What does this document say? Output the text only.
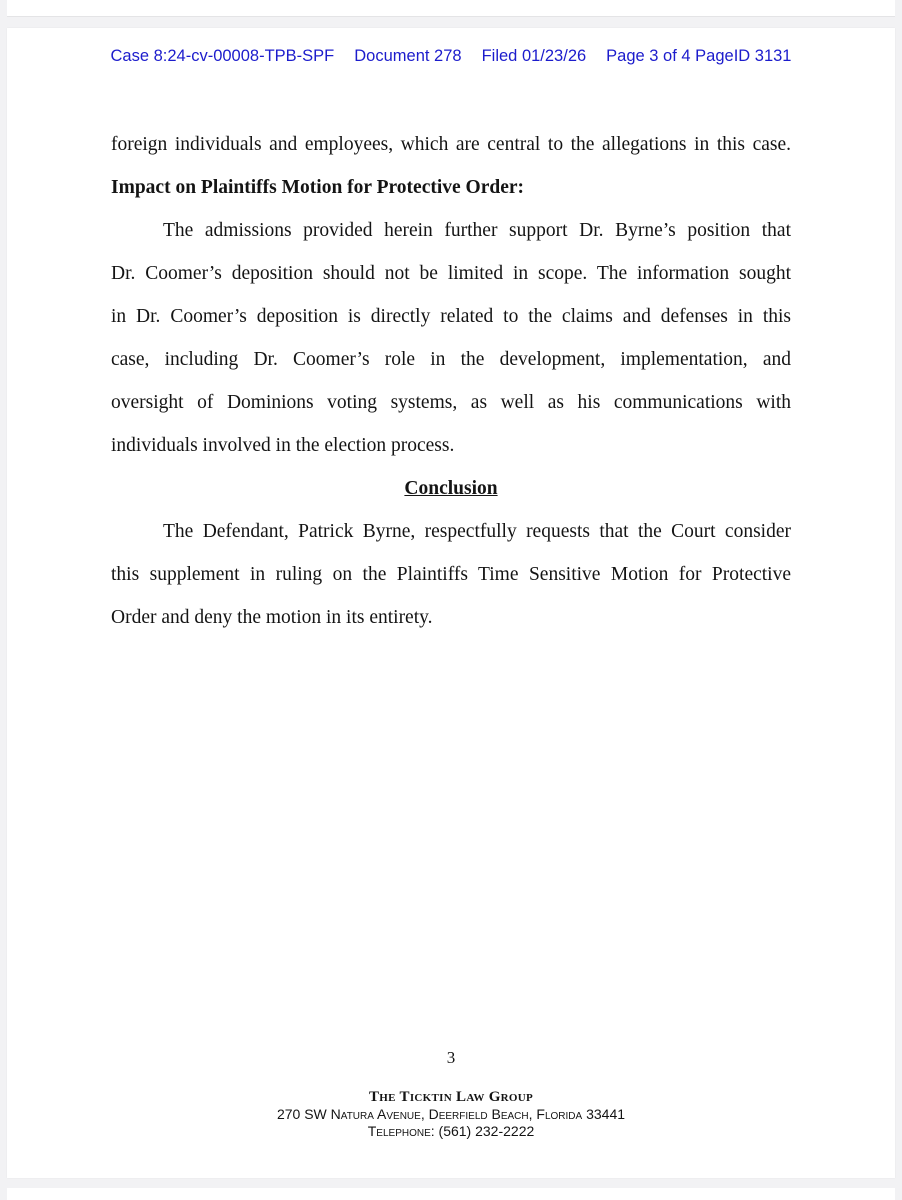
Case 8:24-cv-00008-TPB-SPF Document 278 Filed 01/23/26 Page 3 of 4 PageID 3131
foreign individuals and employees, which are central to the allegations in this case.
Impact on Plaintiffs Motion for Protective Order:
The admissions provided herein further support Dr. Byrne’s position that
Dr. Coomer’s deposition should not be limited in scope. The information sought
in Dr. Coomer’s deposition is directly related to the claims and defenses in this
case, including Dr. Coomer’s role in the development, implementation, and
oversight of Dominions voting systems, as well as his communications with
individuals involved in the election process.
Conclusion
The Defendant, Patrick Byrne, respectfully requests that the Court consider
this supplement in ruling on the Plaintiffs Time Sensitive Motion for Protective
Order and deny the motion in its entirety.
3
The Ticktin Law Group
270 SW Natura Avenue, Deerfield Beach, Florida 33441
Telephone: (561) 232-2222
